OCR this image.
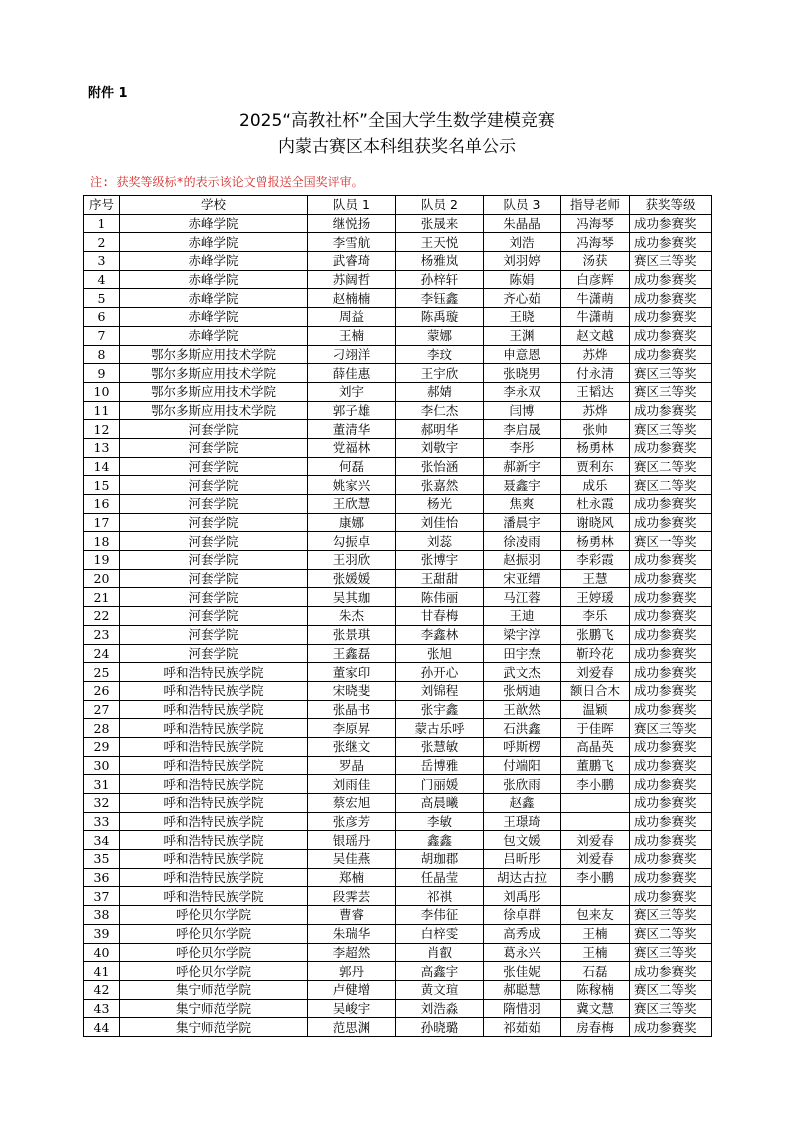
附件 1
2025“高教社杯”全国大学生数学建模竞赛
内蒙古赛区本科组获奖名单公示
注: 获奖等级标*的表示该论文曾报送全国奖评审。
序号	学校	队员 1	队员 2	队员 3	指导老师	获奖等级
1	赤峰学院	继悦扬	张晟来	朱晶晶	冯海琴	成功参赛奖
2	赤峰学院	李雪航	王天悦	刘浩	冯海琴	成功参赛奖
3	赤峰学院	武睿琦	杨雅岚	刘羽婷	汤获	赛区三等奖
4	赤峰学院	苏阔哲	孙梓轩	陈娟	白彦辉	成功参赛奖
5	赤峰学院	赵楠楠	李钰鑫	齐心茹	牛潇萌	成功参赛奖
6	赤峰学院	周益	陈禹璇	王晓	牛潇萌	成功参赛奖
7	赤峰学院	王楠	蒙娜	王渊	赵文越	成功参赛奖
8	鄂尔多斯应用技术学院	刁翊洋	李玟	申意恩	苏烨	成功参赛奖
9	鄂尔多斯应用技术学院	薛佳惠	王宇欣	张晓男	付永清	赛区三等奖
10	鄂尔多斯应用技术学院	刘宇	郝婧	李永双	王韬达	赛区三等奖
11	鄂尔多斯应用技术学院	郭子雄	李仁杰	闫博	苏烨	成功参赛奖
12	河套学院	董清华	郝明华	李启晟	张帅	赛区三等奖
13	河套学院	党福林	刘敬宇	李彤	杨勇林	成功参赛奖
14	河套学院	何磊	张怡涵	郝新宇	贾利东	赛区二等奖
15	河套学院	姚家兴	张嘉然	聂鑫宇	成乐	赛区二等奖
16	河套学院	王欣慧	杨光	焦爽	杜永霞	成功参赛奖
17	河套学院	康娜	刘佳怡	潘晨宇	谢晓风	成功参赛奖
18	河套学院	勾振卓	刘蕊	徐凌雨	杨勇林	赛区一等奖
19	河套学院	王羽欣	张博宇	赵振羽	李彩霞	成功参赛奖
20	河套学院	张媛媛	王甜甜	宋亚缙	王慧	成功参赛奖
21	河套学院	吴其珈	陈伟丽	马江蓉	王婷瑗	成功参赛奖
22	河套学院	朱杰	甘春梅	王迪	李乐	成功参赛奖
23	河套学院	张景琪	李鑫林	梁宇淳	张鹏飞	成功参赛奖
24	河套学院	王鑫磊	张旭	田宇焘	靳玲花	成功参赛奖
25	呼和浩特民族学院	董家印	孙开心	武文杰	刘爱春	成功参赛奖
26	呼和浩特民族学院	宋晓斐	刘锦程	张炳迪	额日合木	成功参赛奖
27	呼和浩特民族学院	张晶书	张宇鑫	王歆然	温颖	成功参赛奖
28	呼和浩特民族学院	李原昇	蒙古乐呼	石洪鑫	于佳晖	赛区三等奖
29	呼和浩特民族学院	张继文	张慧敏	呼斯楞	高晶英	成功参赛奖
30	呼和浩特民族学院	罗晶	岳博雅	付端阳	董鹏飞	成功参赛奖
31	呼和浩特民族学院	刘雨佳	门丽媛	张欣雨	李小鹏	成功参赛奖
32	呼和浩特民族学院	蔡宏旭	高晨曦	赵鑫		成功参赛奖
33	呼和浩特民族学院	张彦芳	李敏	王璟琦		成功参赛奖
34	呼和浩特民族学院	银瑶丹	鑫鑫	包文媛	刘爱春	成功参赛奖
35	呼和浩特民族学院	吴佳燕	胡珈郡	吕昕彤	刘爱春	成功参赛奖
36	呼和浩特民族学院	郑楠	任晶莹	胡达古拉	李小鹏	成功参赛奖
37	呼和浩特民族学院	段霁芸	祁祺	刘禹彤		成功参赛奖
38	呼伦贝尔学院	曹睿	李伟征	徐卓群	包来友	赛区三等奖
39	呼伦贝尔学院	朱瑞华	白梓雯	高秀成	王楠	赛区二等奖
40	呼伦贝尔学院	李超然	肖叡	葛永兴	王楠	赛区三等奖
41	呼伦贝尔学院	郭丹	高鑫宇	张佳妮	石磊	成功参赛奖
42	集宁师范学院	卢健增	黄文瑄	郝聪慧	陈稼楠	赛区二等奖
43	集宁师范学院	吴峻宇	刘浩淼	隋惜羽	冀文慧	赛区三等奖
44	集宁师范学院	范思渊	孙晓璐	祁茹茹	房春梅	成功参赛奖
